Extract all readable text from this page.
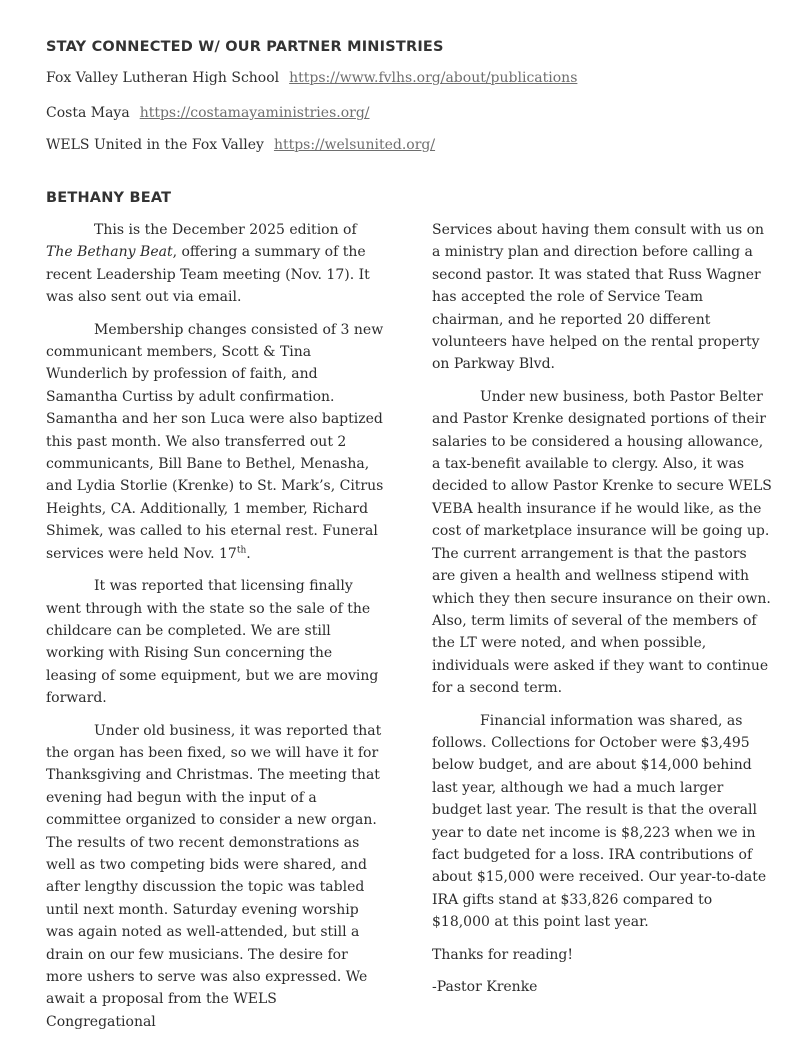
STAY CONNECTED W/ OUR PARTNER MINISTRIES

Fox Valley Lutheran High School https://www.fvlhs.org/about/publications

Costa Maya https://costamayaministries.org/

WELS United in the Fox Valley https://welsunited.org/

BETHANY BEAT

This is the December 2025 edition of The Bethany Beat, offering a summary of the recent Leadership Team meeting (Nov. 17). It was also sent out via email.

Membership changes consisted of 3 new communicant members, Scott & Tina Wunderlich by profession of faith, and Samantha Curtiss by adult confirmation. Samantha and her son Luca were also baptized this past month. We also transferred out 2 communicants, Bill Bane to Bethel, Menasha, and Lydia Storlie (Krenke) to St. Mark’s, Citrus Heights, CA. Additionally, 1 member, Richard Shimek, was called to his eternal rest. Funeral services were held Nov. 17th.

It was reported that licensing finally went through with the state so the sale of the childcare can be completed. We are still working with Rising Sun concerning the leasing of some equipment, but we are moving forward.

Under old business, it was reported that the organ has been fixed, so we will have it for Thanksgiving and Christmas. The meeting that evening had begun with the input of a committee organized to consider a new organ. The results of two recent demonstrations as well as two competing bids were shared, and after lengthy discussion the topic was tabled until next month. Saturday evening worship was again noted as well-attended, but still a drain on our few musicians. The desire for more ushers to serve was also expressed. We await a proposal from the WELS Congregational

Services about having them consult with us on a ministry plan and direction before calling a second pastor. It was stated that Russ Wagner has accepted the role of Service Team chairman, and he reported 20 different volunteers have helped on the rental property on Parkway Blvd.

Under new business, both Pastor Belter and Pastor Krenke designated portions of their salaries to be considered a housing allowance, a tax-benefit available to clergy. Also, it was decided to allow Pastor Krenke to secure WELS VEBA health insurance if he would like, as the cost of marketplace insurance will be going up. The current arrangement is that the pastors are given a health and wellness stipend with which they then secure insurance on their own. Also, term limits of several of the members of the LT were noted, and when possible, individuals were asked if they want to continue for a second term.

Financial information was shared, as follows. Collections for October were $3,495 below budget, and are about $14,000 behind last year, although we had a much larger budget last year. The result is that the overall year to date net income is $8,223 when we in fact budgeted for a loss. IRA contributions of about $15,000 were received. Our year-to-date IRA gifts stand at $33,826 compared to $18,000 at this point last year.

Thanks for reading!

-Pastor Krenke
